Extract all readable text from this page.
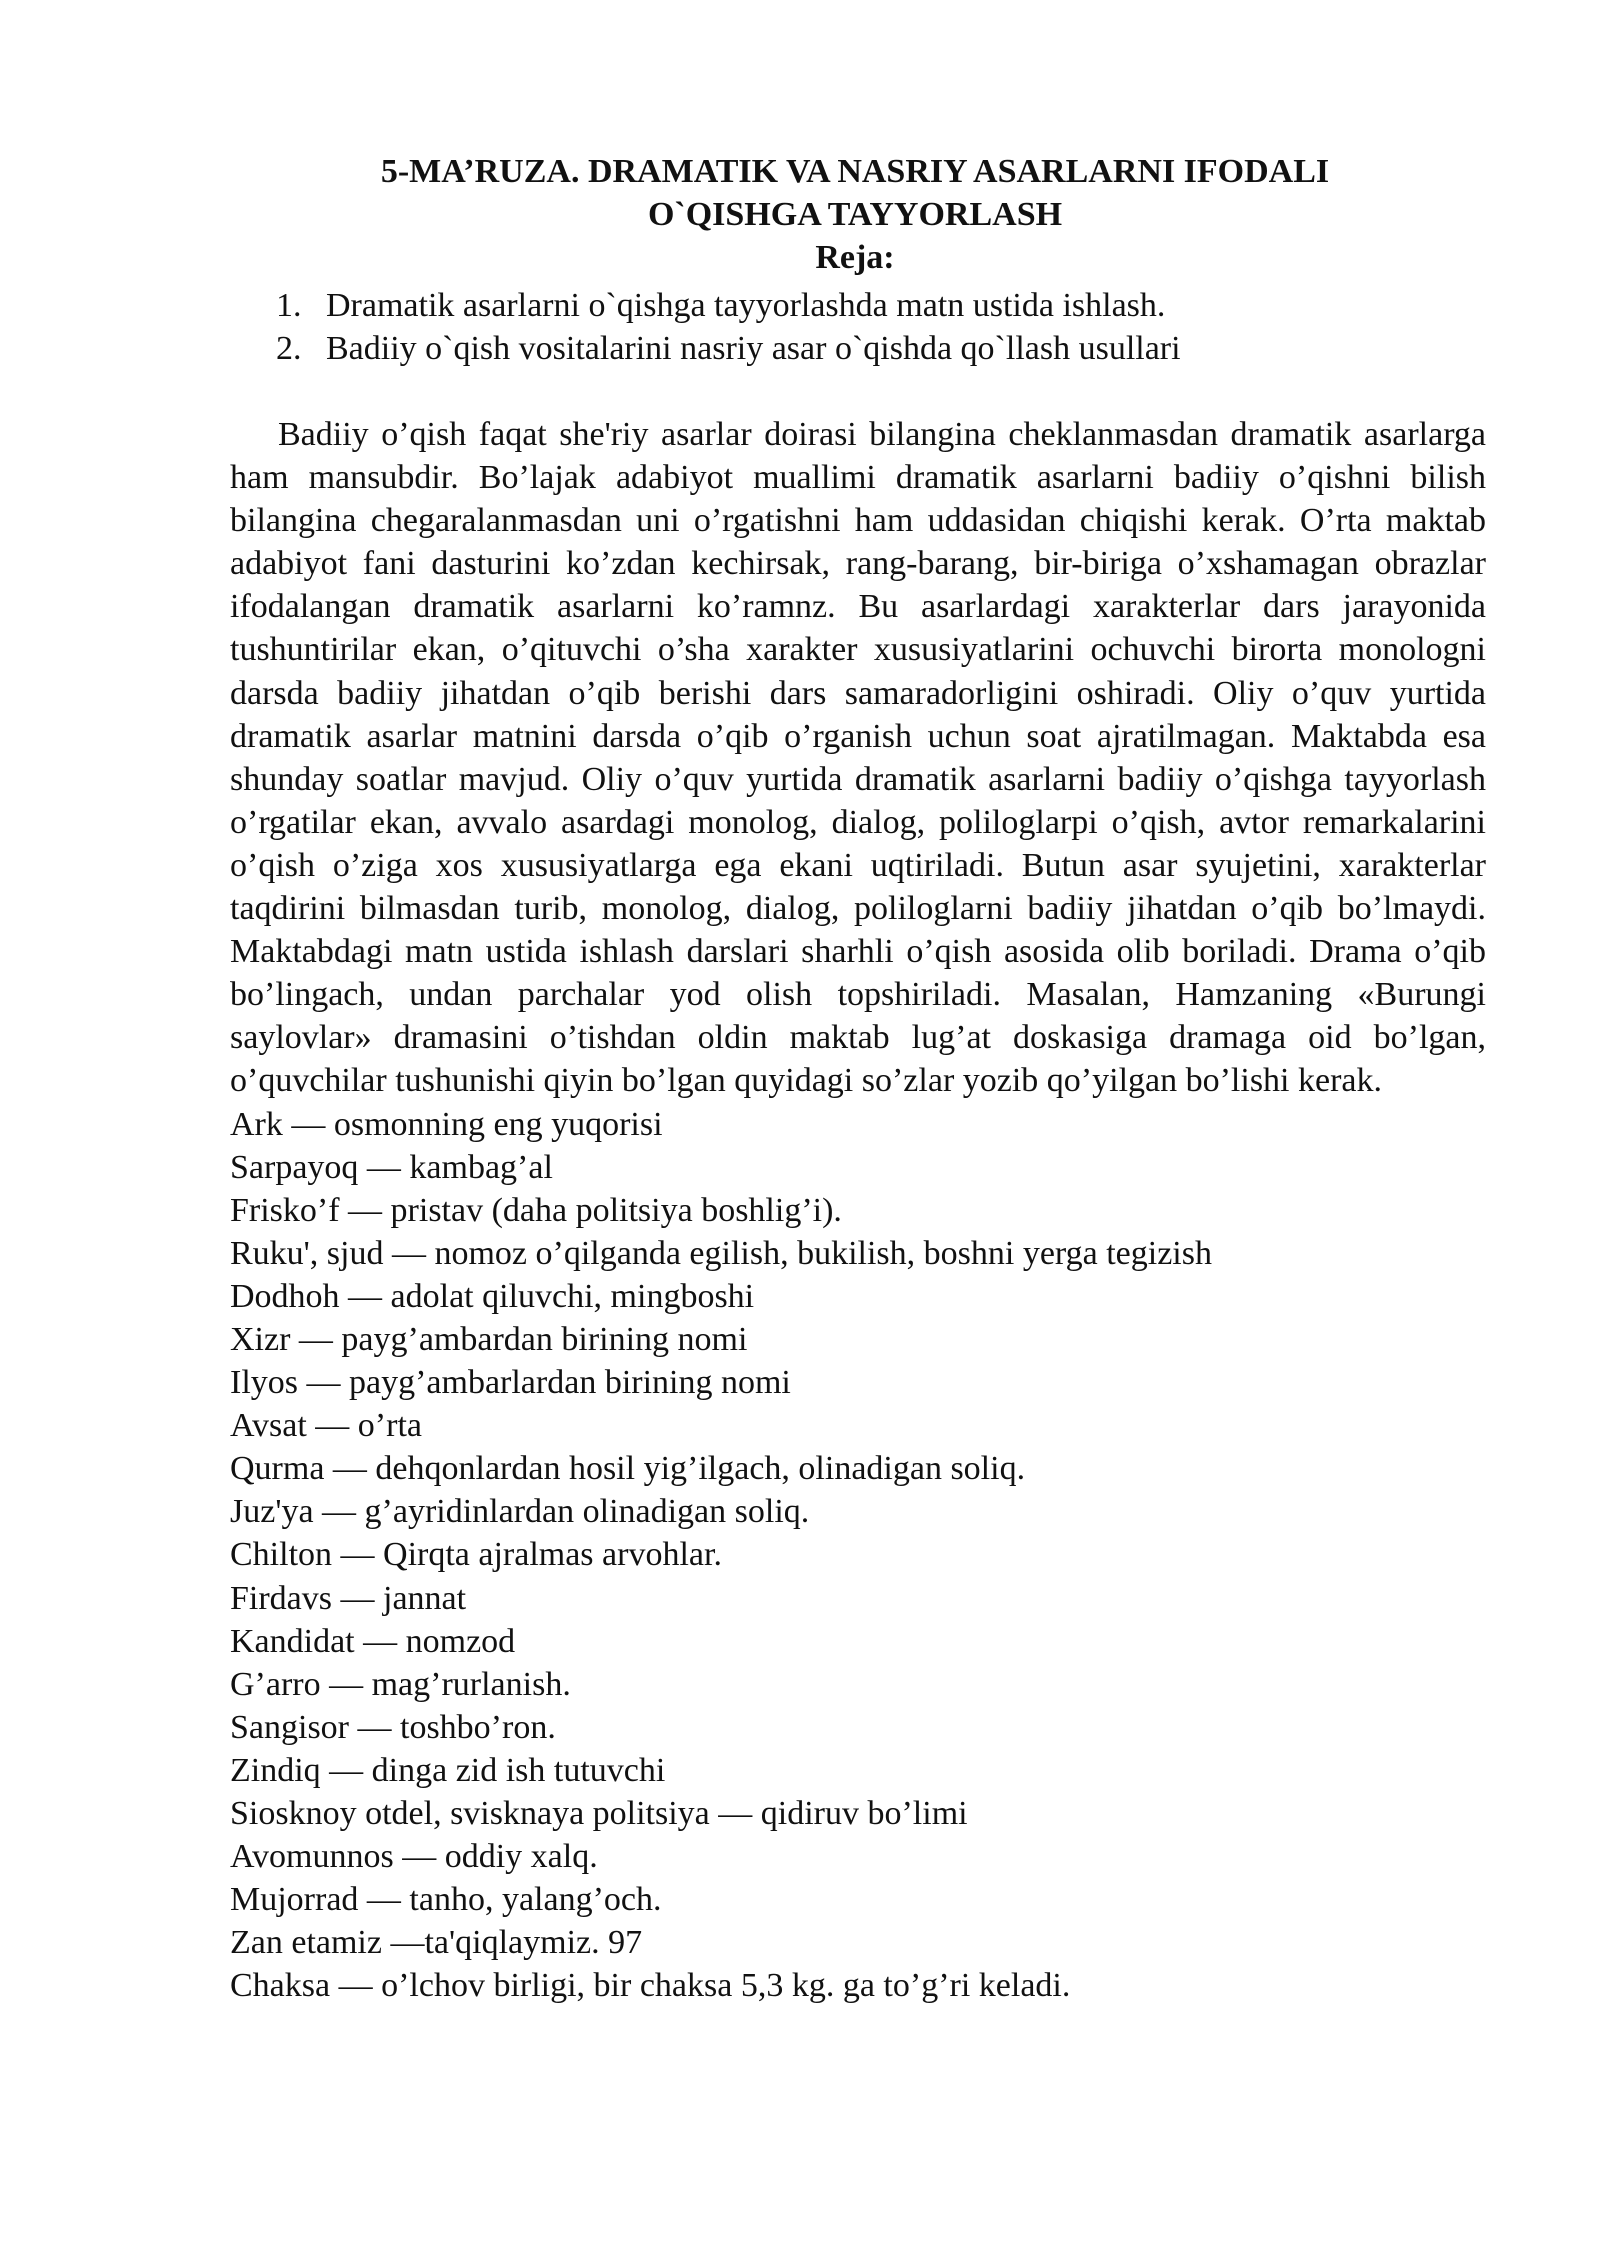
5-MA’RUZA. DRAMATIK VA NASRIY ASARLARNI IFODALI
O`QISHGA TAYYORLASH
Reja:
1. Dramatik asarlarni o`qishga tayyorlashda matn ustida ishlash.
2. Badiiy o`qish vositalarini nasriy asar o`qishda qo`llash usullari

Badiiy o’qish faqat she'riy asarlar doirasi bilangina cheklanmasdan dramatik asarlarga ham mansubdir. Bo’lajak adabiyot muallimi dramatik asarlarni badiiy o’qishni bilish bilangina chegaralanmasdan uni o’rgatishni ham uddasidan chiqishi kerak. O’rta maktab adabiyot fani dasturini ko’zdan kechirsak, rang-barang, bir-biriga o’xshamagan obrazlar ifodalangan dramatik asarlarni ko’ramnz. Bu asarlardagi xarakterlar dars jarayonida tushuntirilar ekan, o’qituvchi o’sha xarakter xususiyatlarini ochuvchi birorta monologni darsda badiiy jihatdan o’qib berishi dars samaradorligini oshiradi. Oliy o’quv yurtida dramatik asarlar matnini darsda o’qib o’rganish uchun soat ajratilmagan. Maktabda esa shunday soatlar mavjud. Oliy o’quv yurtida dramatik asarlarni badiiy o’qishga tayyorlash o’rgatilar ekan, avvalo asardagi monolog, dialog, poliloglarpi o’qish, avtor remarkalarini o’qish o’ziga xos xususiyatlarga ega ekani uqtiriladi. Butun asar syujetini, xarakterlar taqdirini bilmasdan turib, monolog, dialog, poliloglarni badiiy jihatdan o’qib bo’lmaydi. Maktabdagi matn ustida ishlash darslari sharhli o’qish asosida olib boriladi. Drama o’qib bo’lingach, undan parchalar yod olish topshiriladi. Masalan, Hamzaning «Burungi saylovlar» dramasini o’tishdan oldin maktab lug’at doskasiga dramaga oid bo’lgan, o’quvchilar tushunishi qiyin bo’lgan quyidagi so’zlar yozib qo’yilgan bo’lishi kerak.

Ark — osmonning eng yuqorisi
Sarpayoq — kambag’al
Frisko’f — pristav (daha politsiya boshlig’i).
Ruku', sjud — nomoz o’qilganda egilish, bukilish, boshni yerga tegizish
Dodhoh — adolat qiluvchi, mingboshi
Xizr — payg’ambardan birining nomi
Ilyos — payg’ambarlardan birining nomi
Avsat — o’rta
Qurma — dehqonlardan hosil yig’ilgach, olinadigan soliq.
Juz'ya — g’ayridinlardan olinadigan soliq.
Chilton — Qirqta ajralmas arvohlar.
Firdavs — jannat
Kandidat — nomzod
G’arro — mag’rurlanish.
Sangisor — toshbo’ron.
Zindiq — dinga zid ish tutuvchi
Siosknoy otdel, svisknaya politsiya — qidiruv bo’limi
Avomunnos — oddiy xalq.
Mujorrad — tanho, yalang’och.
Zan etamiz —ta'qiqlaymiz. 97
Chaksa — o’lchov birligi, bir chaksa 5,3 kg. ga to’g’ri keladi.
